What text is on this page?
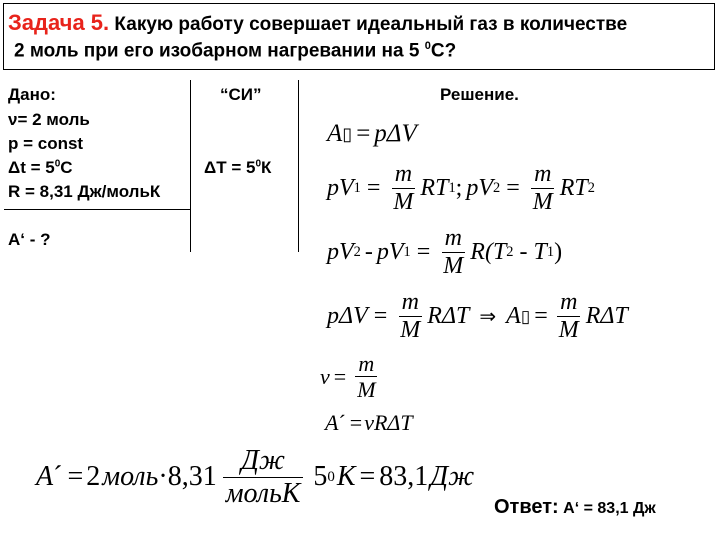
Задача 5. Какую работу совершает идеальный газ в количестве
2 моль при его изобарном нагревании на 5 $^0$С?
Дано:
ν= 2 моль
p = const
$\Delta t = 5^0С$
R = 8,31 Дж/мольК
А‘ - ?
“СИ”
$\Delta T = 5^0К$
Решение.
A ▯ = pΔV
pV $1 = \frac{m}{M}$ RT 1 ; pV $2 = \frac{m}{M}$ RT 2
pV 2 - pV $1 = \frac{m}{M} R(T$ 2 - T 1 )
$p\Delta V = \frac{m}{M}$ RΔT ⇒ A ▯ = $\frac{m}{M}$ RΔT
$\nu = \frac{m}{M}$
A ´ = νRΔT
A ´ = 2 моль · $8,31 \frac{Дж}{\text{мольК}} 5$ 0 К = 83,1 Дж
Ответ: А‘ = 83,1 Дж
